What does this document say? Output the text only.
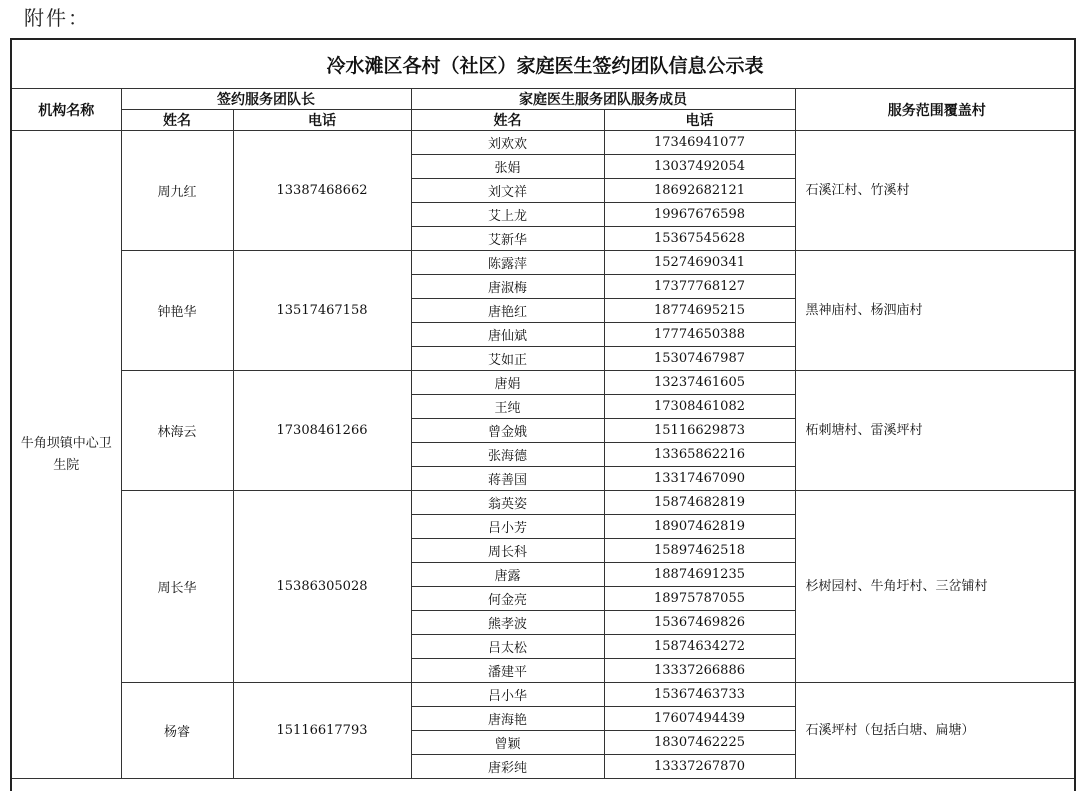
附件：
冷水滩区各村（社区）家庭医生签约团队信息公示表					
机构名称	签约服务团队长		家庭医生服务团队服务成员		服务范围覆盖村
	姓名	电话	姓名	电话	
牛角坝镇中心卫生院	周九红	13387468662	刘欢欢	17346941077	石溪江村、竹溪村
			张娟	13037492054	
			刘文祥	18692682121	
			艾上龙	19967676598	
			艾新华	15367545628	
	钟艳华	13517467158	陈露萍	15274690341	黑神庙村、杨泗庙村
			唐淑梅	17377768127	
			唐艳红	18774695215	
			唐仙斌	17774650388	
			艾如正	15307467987	
	林海云	17308461266	唐娟	13237461605	柘刺塘村、雷溪坪村
			王纯	17308461082	
			曾金娥	15116629873	
			张海德	13365862216	
			蒋善国	13317467090	
	周长华	15386305028	翁英姿	15874682819	杉树园村、牛角圩村、三岔铺村
			吕小芳	18907462819	
			周长科	15897462518	
			唐露	18874691235	
			何金亮	18975787055	
			熊孝波	15367469826	
			吕太松	15874634272	
			潘建平	13337266886	
	杨睿	15116617793	吕小华	15367463733	石溪坪村（包括白塘、扁塘）
			唐海艳	17607494439	
			曾颖	18307462225	
			唐彩纯	13337267870	
